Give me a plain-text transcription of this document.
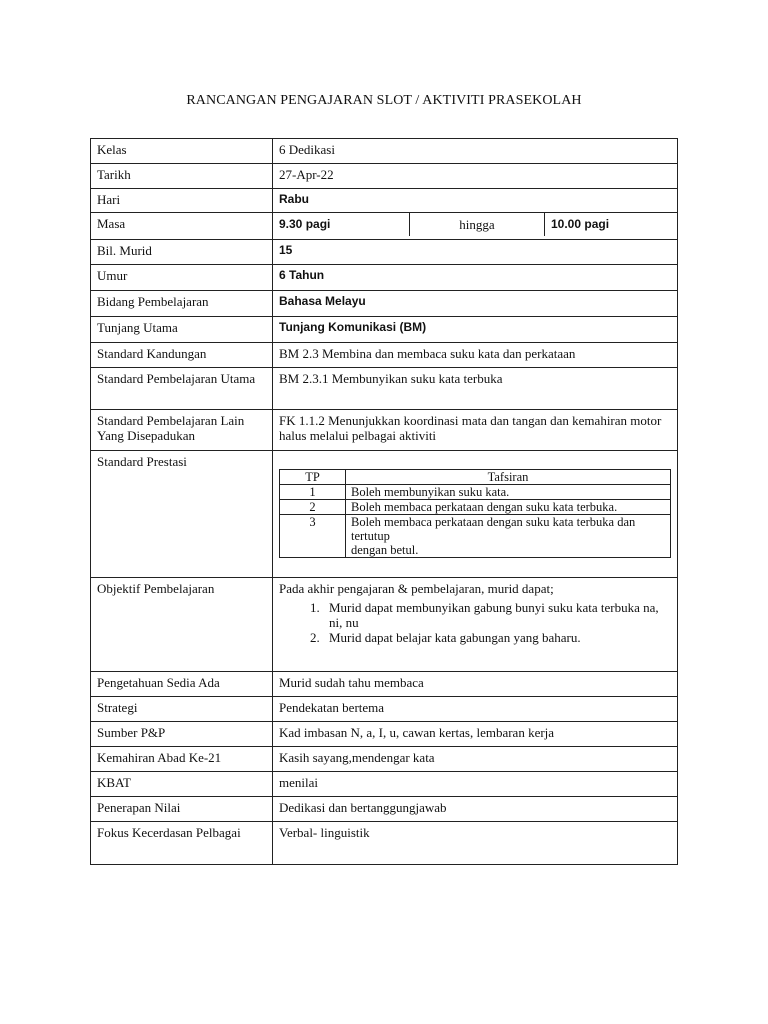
RANCANGAN PENGAJARAN SLOT / AKTIVITI PRASEKOLAH
Kelas	6 Dedikasi
Tarikh	27-Apr-22
Hari	Rabu
Masa		9.30 pagi	hingga	10.00 pagi

Bil. Murid	15
Umur	6 Tahun
Bidang Pembelajaran	Bahasa Melayu
Tunjang Utama	Tunjang Komunikasi (BM)
Standard Kandungan	BM 2.3 Membina dan membaca suku kata dan perkataan
Standard Pembelajaran Utama	BM 2.3.1 Membunyikan suku kata terbuka
Standard Pembelajaran Lain Yang Disepadukan	FK 1.1.2 Menunjukkan koordinasi mata dan tangan dan kemahiran motor halus melalui pelbagai aktiviti
Standard Prestasi	
TP	Tafsiran
1	Boleh membunyikan suku kata.
2	Boleh membaca perkataan dengan suku kata terbuka.
3	Boleh membaca perkataan dengan suku kata terbuka dan tertutup
dengan betul.

Objektif Pembelajaran	Pada akhir pengajaran & pembelajaran, murid dapat;
1. Murid dapat membunyikan gabung bunyi suku kata terbuka na, ni, nu
2. Murid dapat belajar kata gabungan yang baharu.

Pengetahuan Sedia Ada	Murid sudah tahu membaca
Strategi	Pendekatan bertema
Sumber P&P	Kad imbasan N, a, I, u, cawan kertas, lembaran kerja
Kemahiran Abad Ke-21	Kasih sayang,mendengar kata
KBAT	menilai
Penerapan Nilai	Dedikasi dan bertanggungjawab
Fokus Kecerdasan Pelbagai	Verbal- linguistik
